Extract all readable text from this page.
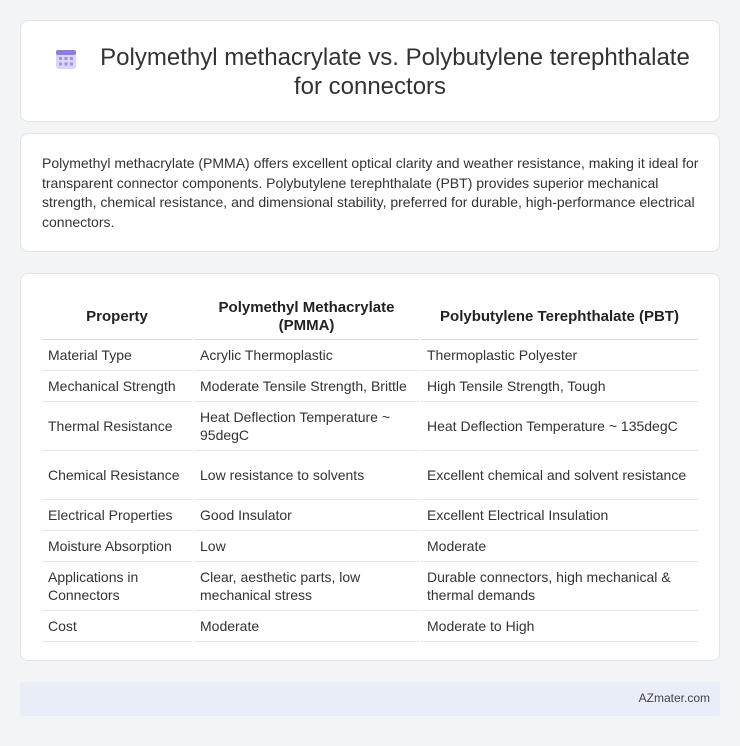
Polymethyl methacrylate vs. Polybutylene terephthalate
for connectors

Polymethyl methacrylate (PMMA) offers excellent optical clarity and weather resistance, making it ideal for transparent connector components. Polybutylene terephthalate (PBT) provides superior mechanical strength, chemical resistance, and dimensional stability, preferred for durable, high-performance electrical connectors.

Property	Polymethyl Methacrylate (PMMA)	Polybutylene Terephthalate (PBT)
Material Type	Acrylic Thermoplastic	Thermoplastic Polyester
Mechanical Strength	Moderate Tensile Strength, Brittle	High Tensile Strength, Tough
Thermal Resistance	Heat Deflection Temperature ~ 95degC	Heat Deflection Temperature ~ 135degC
Chemical Resistance	Low resistance to solvents	Excellent chemical and solvent resistance
Electrical Properties	Good Insulator	Excellent Electrical Insulation
Moisture Absorption	Low	Moderate
Applications in Connectors	Clear, aesthetic parts, low mechanical stress	Durable connectors, high mechanical & thermal demands
Cost	Moderate	Moderate to High
AZmater.com
